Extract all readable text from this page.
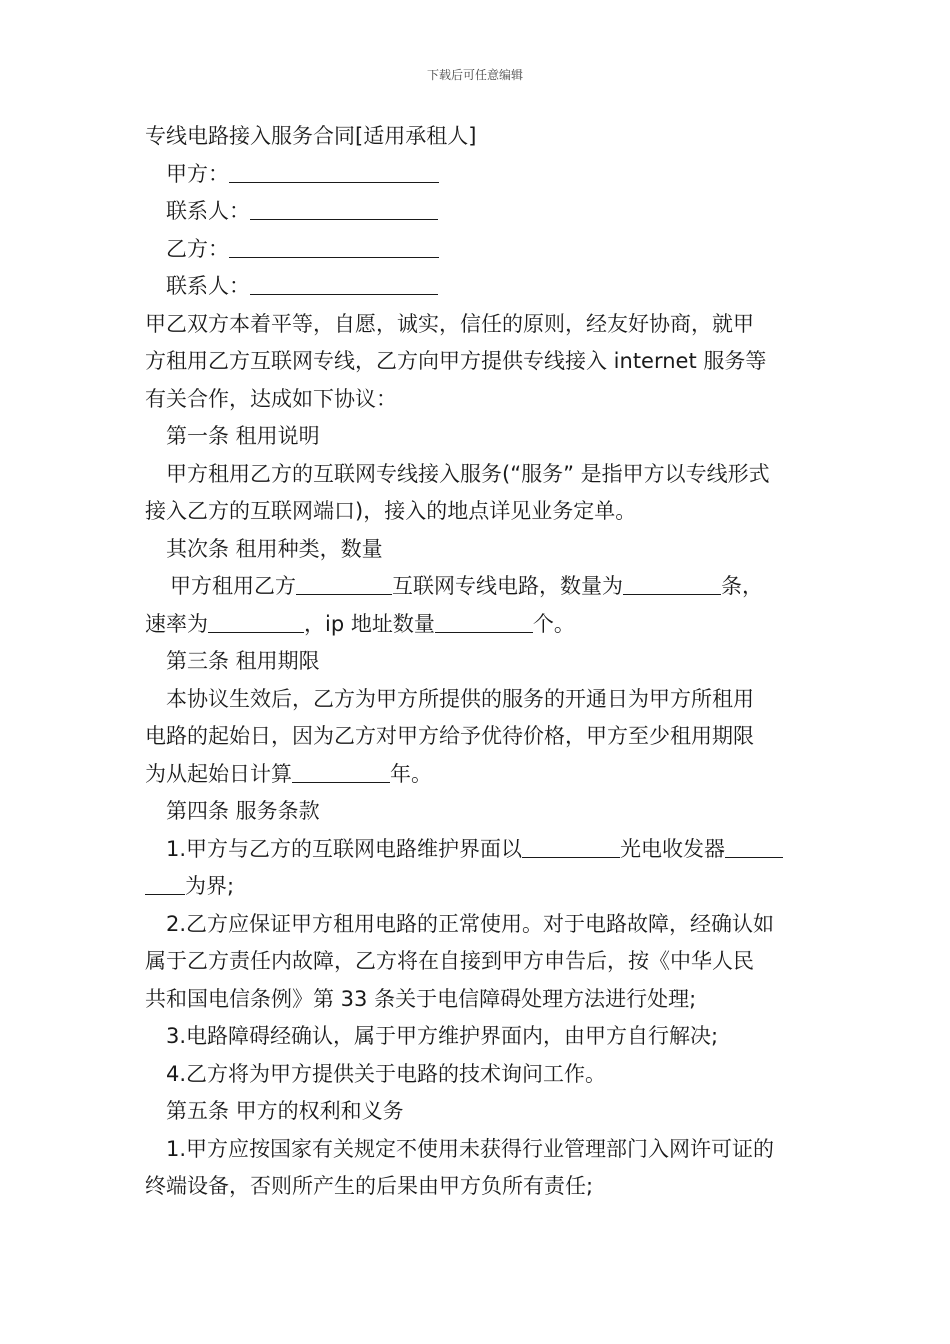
下载后可任意编辑
专线电路接入服务合同[适用承租人]
甲方：
联系人：
乙方：
联系人：
甲乙双方本着平等，自愿，诚实，信任的原则，经友好协商，就甲
方租用乙方互联网专线，乙方向甲方提供专线接入 internet 服务等
有关合作，达成如下协议：
第一条 租用说明
甲方租用乙方的互联网专线接入服务(“服务” 是指甲方以专线形式
接入乙方的互联网端口)，接入的地点详见业务定单。
其次条 租用种类，数量
甲方租用乙方	互联网专线电路，数量为	条，
速率为	，ip 地址数量	个。
第三条 租用期限
本协议生效后，乙方为甲方所提供的服务的开通日为甲方所租用
电路的起始日，因为乙方对甲方给予优待价格，甲方至少租用期限
为从起始日计算	年。
第四条 服务条款
1.甲方与乙方的互联网电路维护界面以	光电收发器
为界;
2.乙方应保证甲方租用电路的正常使用。对于电路故障，经确认如
属于乙方责任内故障，乙方将在自接到甲方申告后，按《中华人民
共和国电信条例》第 33 条关于电信障碍处理方法进行处理;
3.电路障碍经确认，属于甲方维护界面内，由甲方自行解决;
4.乙方将为甲方提供关于电路的技术询问工作。
第五条 甲方的权利和义务
1.甲方应按国家有关规定不使用未获得行业管理部门入网许可证的
终端设备，否则所产生的后果由甲方负所有责任;
